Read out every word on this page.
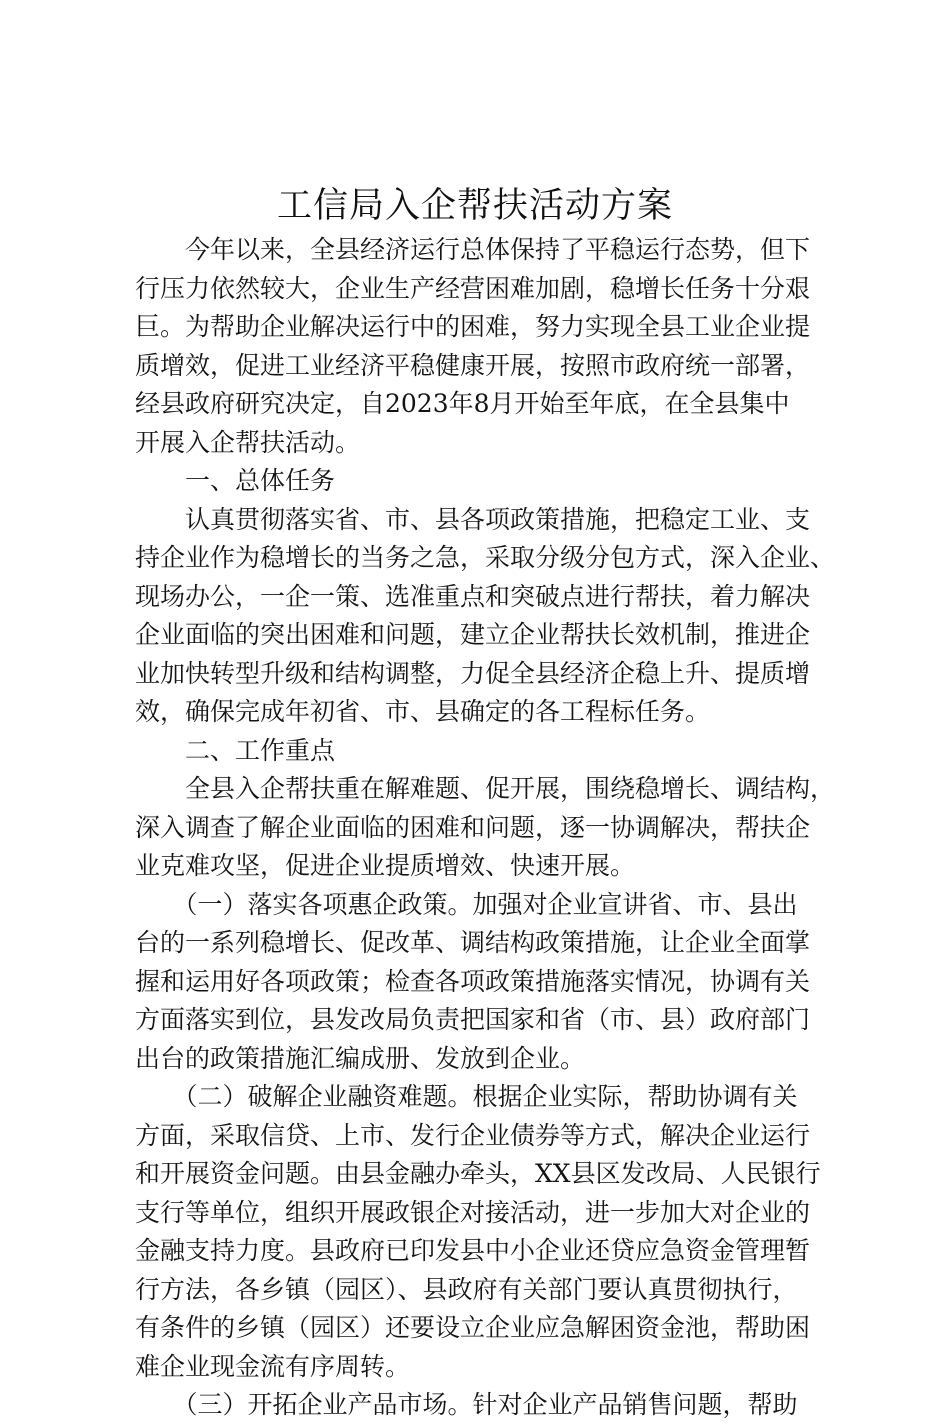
工信局入企帮扶活动方案
　　今年以来，全县经济运行总体保持了平稳运行态势，但下
行压力依然较大，企业生产经营困难加剧，稳增长任务十分艰
巨。为帮助企业解决运行中的困难，努力实现全县工业企业提
质增效，促进工业经济平稳健康开展，按照市政府统一部署，
经县政府研究决定，自2023年8月开始至年底，在全县集中
开展入企帮扶活动。
　　一、总体任务
　　认真贯彻落实省、市、县各项政策措施，把稳定工业、支
持企业作为稳增长的当务之急，采取分级分包方式，深入企业、
现场办公，一企一策、选准重点和突破点进行帮扶，着力解决
企业面临的突出困难和问题，建立企业帮扶长效机制，推进企
业加快转型升级和结构调整，力促全县经济企稳上升、提质增
效，确保完成年初省、市、县确定的各工程标任务。
　　二、工作重点
　　全县入企帮扶重在解难题、促开展，围绕稳增长、调结构，
深入调查了解企业面临的困难和问题，逐一协调解决，帮扶企
业克难攻坚，促进企业提质增效、快速开展。
　　（一）落实各项惠企政策。加强对企业宣讲省、市、县出
台的一系列稳增长、促改革、调结构政策措施，让企业全面掌
握和运用好各项政策；检查各项政策措施落实情况，协调有关
方面落实到位，县发改局负责把国家和省（市、县）政府部门
出台的政策措施汇编成册、发放到企业。
　　（二）破解企业融资难题。根据企业实际，帮助协调有关
方面，采取信贷、上市、发行企业债券等方式，解决企业运行
和开展资金问题。由县金融办牵头，XX县区发改局、人民银行
支行等单位，组织开展政银企对接活动，进一步加大对企业的
金融支持力度。县政府已印发县中小企业还贷应急资金管理暂
行方法，各乡镇（园区）、县政府有关部门要认真贯彻执行，
有条件的乡镇（园区）还要设立企业应急解困资金池，帮助困
难企业现金流有序周转。
　　（三）开拓企业产品市场。针对企业产品销售问题，帮助
